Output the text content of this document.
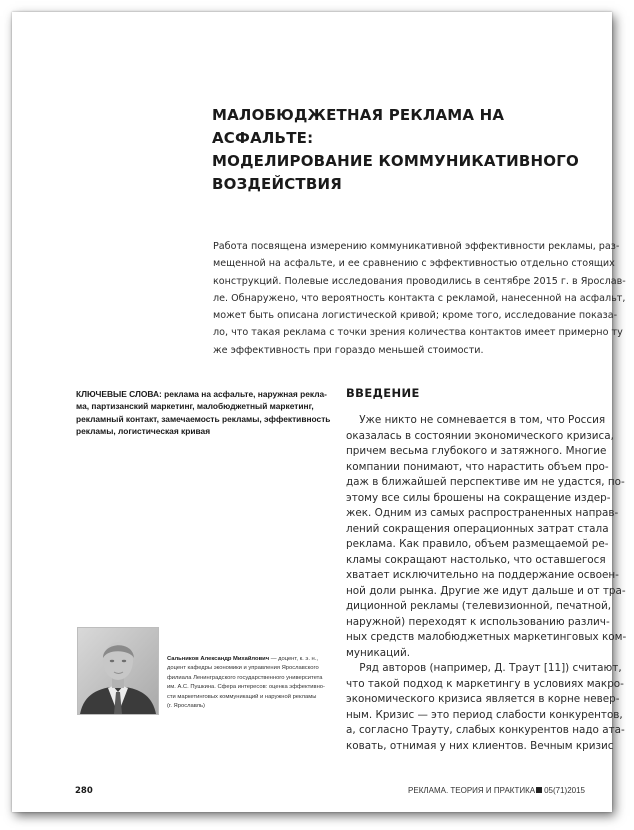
МАЛОБЮДЖЕТНАЯ РЕКЛАМА НА АСФАЛЬТЕ:
МОДЕЛИРОВАНИЕ КОММУНИКАТИВНОГО
ВОЗДЕЙСТВИЯ
Работа посвящена измерению коммуникативной эффективности рекламы, раз-
мещенной на асфальте, и ее сравнению с эффективностью отдельно стоящих
конструкций. Полевые исследования проводились в сентябре 2015 г. в Ярослав-
ле. Обнаружено, что вероятность контакта с рекламой, нанесенной на асфальт,
может быть описана логистической кривой; кроме того, исследование показа-
ло, что такая реклама с точки зрения количества контактов имеет примерно ту
же эффективность при гораздо меньшей стоимости.
КЛЮЧЕВЫЕ СЛОВА: реклама на асфальте, наружная рекла-
ма, партизанский маркетинг, малобюджетный маркетинг,
рекламный контакт, замечаемость рекламы, эффективность
рекламы, логистическая кривая
ВВЕДЕНИЕ
Уже никто не сомневается в том, что Россия
оказалась в состоянии экономического кризиса,
причем весьма глубокого и затяжного. Многие
компании понимают, что нарастить объем про-
даж в ближайшей перспективе им не удастся, по-
этому все силы брошены на сокращение издер-
жек. Одним из самых распространенных направ-
лений сокращения операционных затрат стала
реклама. Как правило, объем размещаемой ре-
кламы сокращают настолько, что оставшегося
хватает исключительно на поддержание освоен-
ной доли рынка. Другие же идут дальше и от тра-
диционной рекламы (телевизионной, печатной,
наружной) переходят к использованию различ-
ных средств малобюджетных маркетинговых ком-
муникаций.
Ряд авторов (например, Д. Траут [11]) считают,
что такой подход к маркетингу в условиях макро-
экономического кризиса является в корне невер-
ным. Кризис — это период слабости конкурентов,
а, согласно Трауту, слабых конкурентов надо ата-
ковать, отнимая у них клиентов. Вечным кризис
Сальников Александр Михайлович — доцент, к. э. н.,
доцент кафедры экономики и управления Ярославского
филиала Ленинградского государственного университета
им. А.С. Пушкина. Сфера интересов: оценка эффективно-
сти маркетинговых коммуникаций и наружной рекламы
(г. Ярославль)
280	РЕКЛАМА. ТЕОРИЯ И ПРАКТИКА 05(71)2015
